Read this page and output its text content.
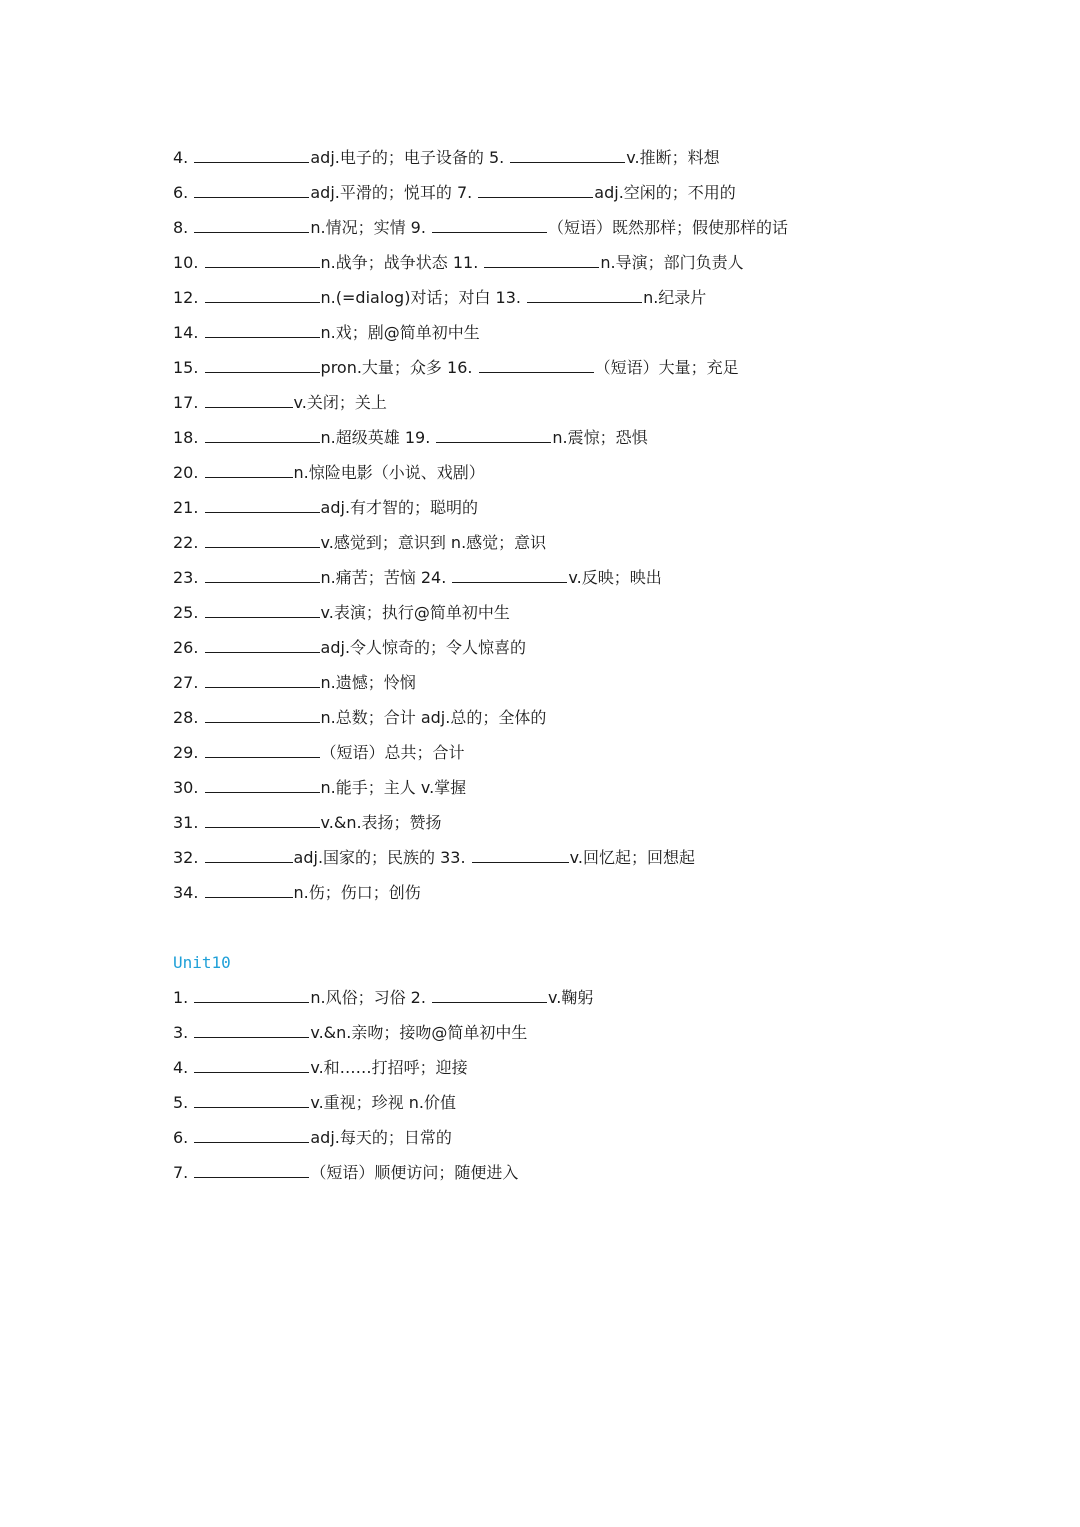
4.	adj.电子的；电子设备的 5.	v.推断；料想
6.	adj.平滑的；悦耳的 7.	adj.空闲的；不用的
8.	n.情况；实情 9.	（短语）既然那样；假使那样的话
10.	n.战争；战争状态 11.	n.导演；部门负责人
12.	n.(=dialog)对话；对白 13.	n.纪录片
14.	n.戏；剧@简单初中生
15.	pron.大量；众多 16.	（短语）大量；充足
17.	v.关闭；关上
18.	n.超级英雄 19.	n.震惊；恐惧
20.	n.惊险电影（小说、戏剧）
21.	adj.有才智的；聪明的
22.	v.感觉到；意识到 n.感觉；意识
23.	n.痛苦；苦恼 24.	v.反映；映出
25.	v.表演；执行@简单初中生
26.	adj.令人惊奇的；令人惊喜的
27.	n.遗憾；怜悯
28.	n.总数；合计 adj.总的；全体的
29.	（短语）总共；合计
30.	n.能手；主人 v.掌握
31.	v.&n.表扬；赞扬
32.	adj.国家的；民族的 33.	v.回忆起；回想起
34.	n.伤；伤口；创伤
Unit10
1.	n.风俗；习俗 2.	v.鞠躬
3.	v.&n.亲吻；接吻@简单初中生
4.	v.和……打招呼；迎接
5.	v.重视；珍视 n.价值
6.	adj.每天的；日常的
7.	（短语）顺便访问；随便进入
